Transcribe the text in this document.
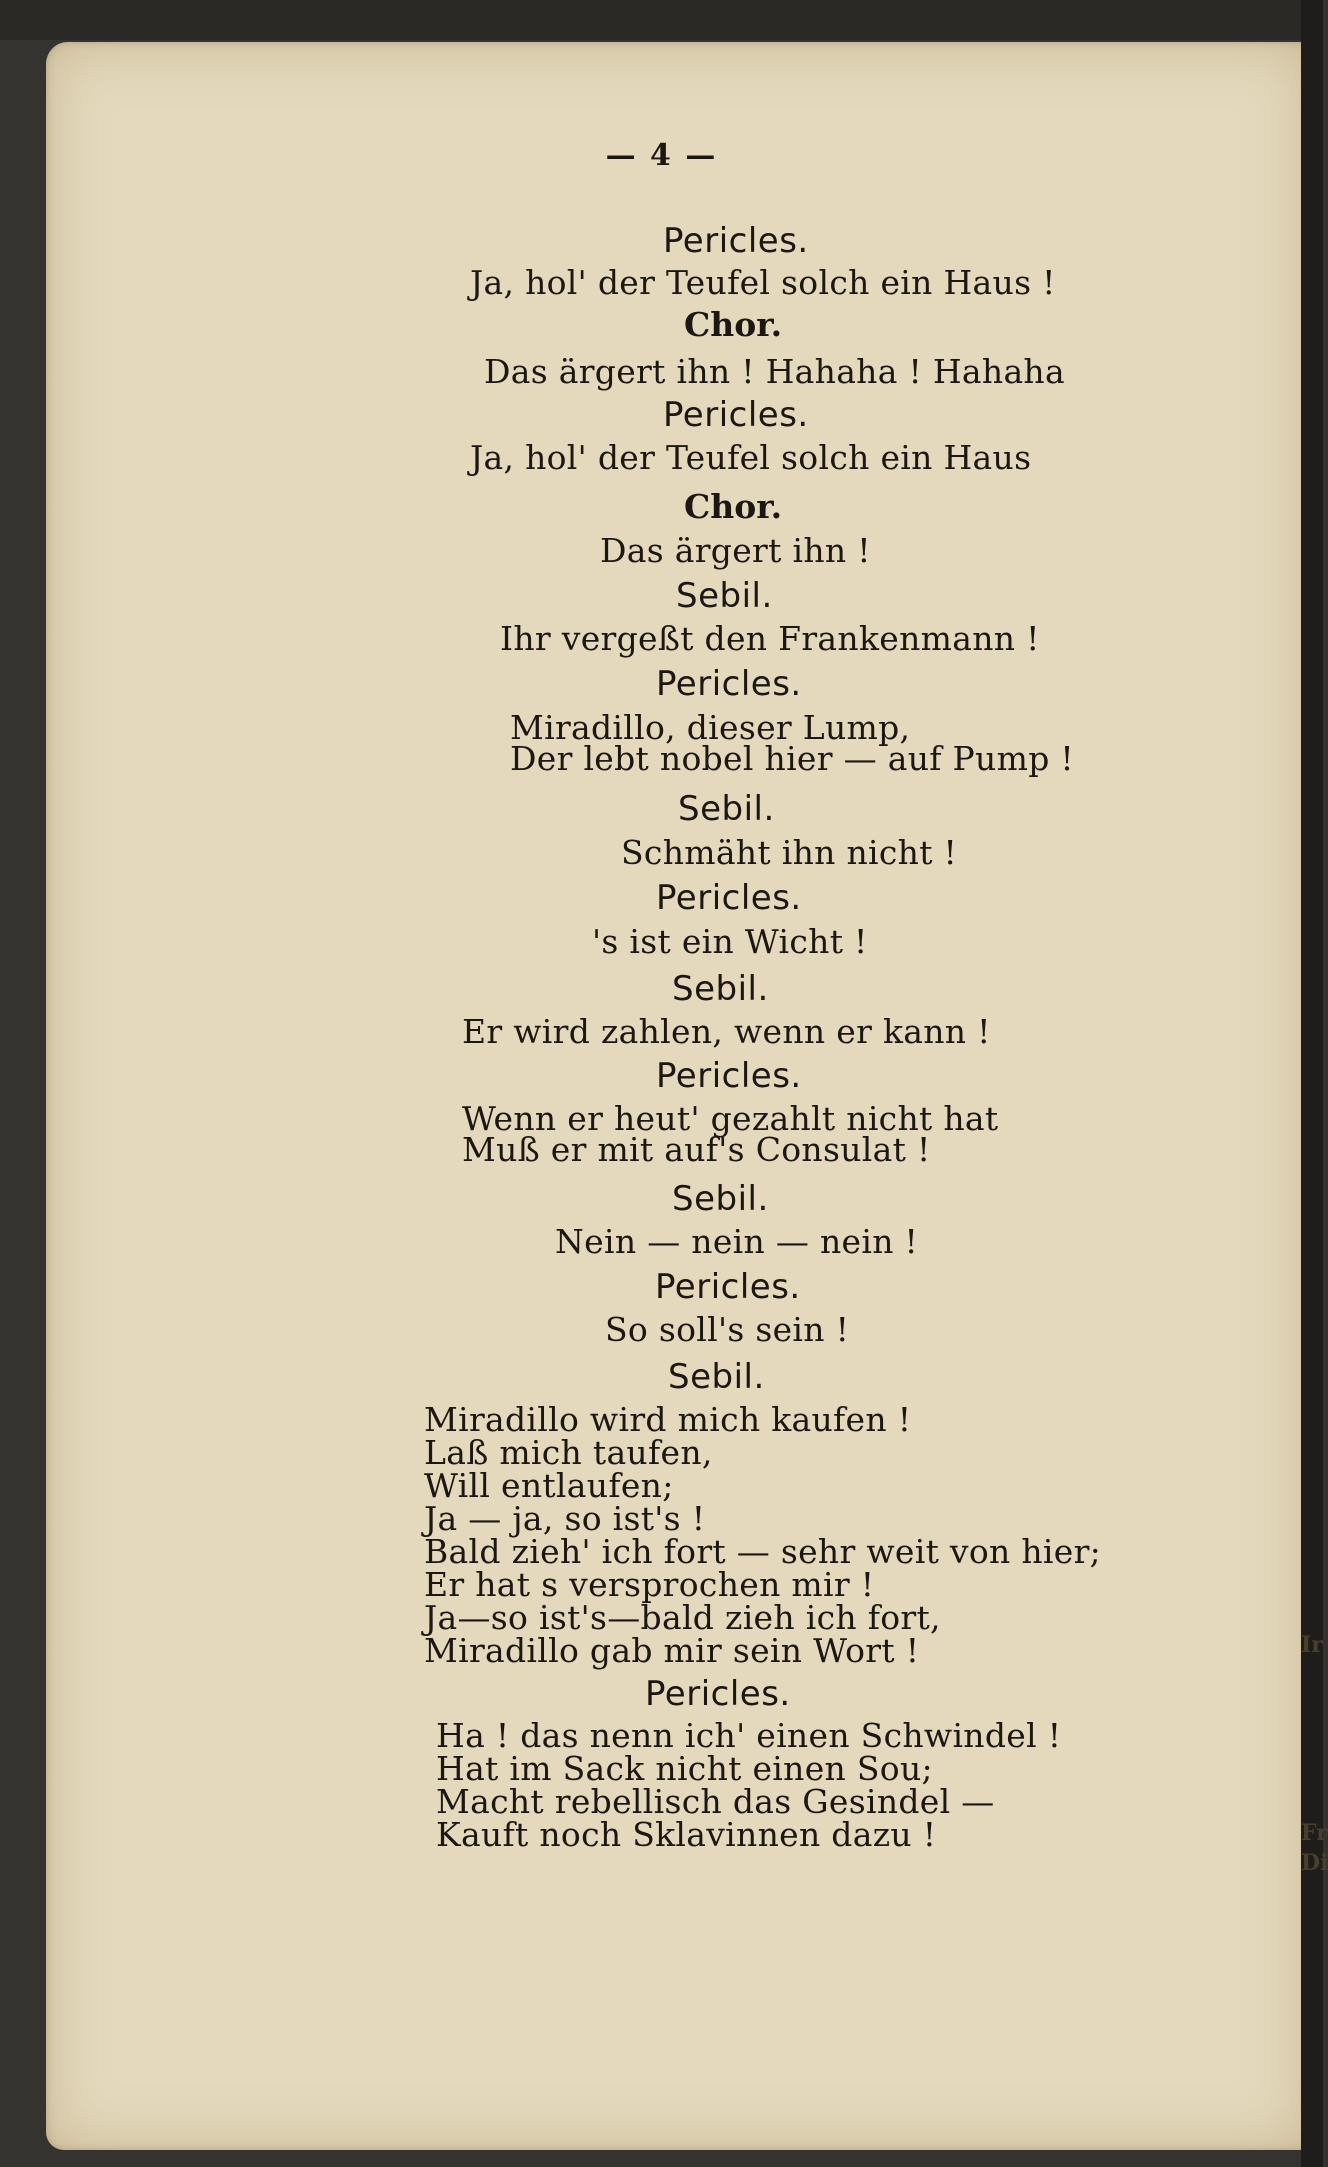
— 4 —
Pericles.
Ja, hol' der Teufel solch ein Haus !
Chor.
Das ärgert ihn ! Hahaha ! Hahaha
Pericles.
Ja, hol' der Teufel solch ein Haus
Chor.
Das ärgert ihn !
Sebil.
Ihr vergeßt den Frankenmann !
Pericles.
Miradillo, dieser Lump,
Der lebt nobel hier — auf Pump !
Sebil.
Schmäht ihn nicht !
Pericles.
's ist ein Wicht !
Sebil.
Er wird zahlen, wenn er kann !
Pericles.
Wenn er heut' gezahlt nicht hat
Muß er mit auf's Consulat !
Sebil.
Nein — nein — nein !
Pericles.
So soll's sein !
Sebil.
Miradillo wird mich kaufen !
Laß mich taufen,
Will entlaufen;
Ja — ja, so ist's !
Bald zieh' ich fort — sehr weit von hier;
Er hat s versprochen mir !
Ja—so ist's—bald zieh ich fort,
Miradillo gab mir sein Wort !
Pericles.
Ha ! das nenn ich' einen Schwindel !
Hat im Sack nicht einen Sou;
Macht rebellisch das Gesindel —
Kauft noch Sklavinnen dazu !
Ir
Fr
Di
